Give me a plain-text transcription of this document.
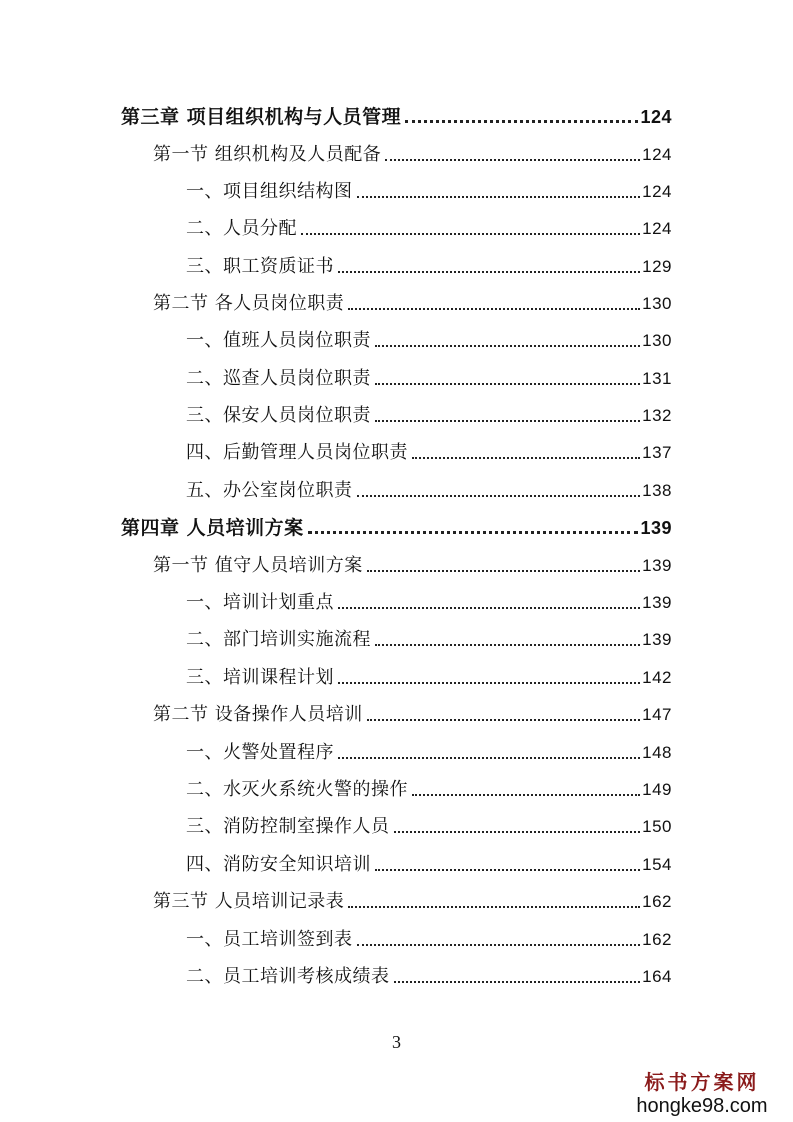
第三章 项目组织机构与人员管理	124
第一节 组织机构及人员配备	124
一、项目组织结构图	124
二、人员分配	124
三、职工资质证书	129
第二节 各人员岗位职责	130
一、值班人员岗位职责	130
二、巡查人员岗位职责	131
三、保安人员岗位职责	132
四、后勤管理人员岗位职责	137
五、办公室岗位职责	138
第四章 人员培训方案	139
第一节 值守人员培训方案	139
一、培训计划重点	139
二、部门培训实施流程	139
三、培训课程计划	142
第二节 设备操作人员培训	147
一、火警处置程序	148
二、水灭火系统火警的操作	149
三、消防控制室操作人员	150
四、消防安全知识培训	154
第三节 人员培训记录表	162
一、员工培训签到表	162
二、员工培训考核成绩表	164
3
标书方案网
hongke98.com
